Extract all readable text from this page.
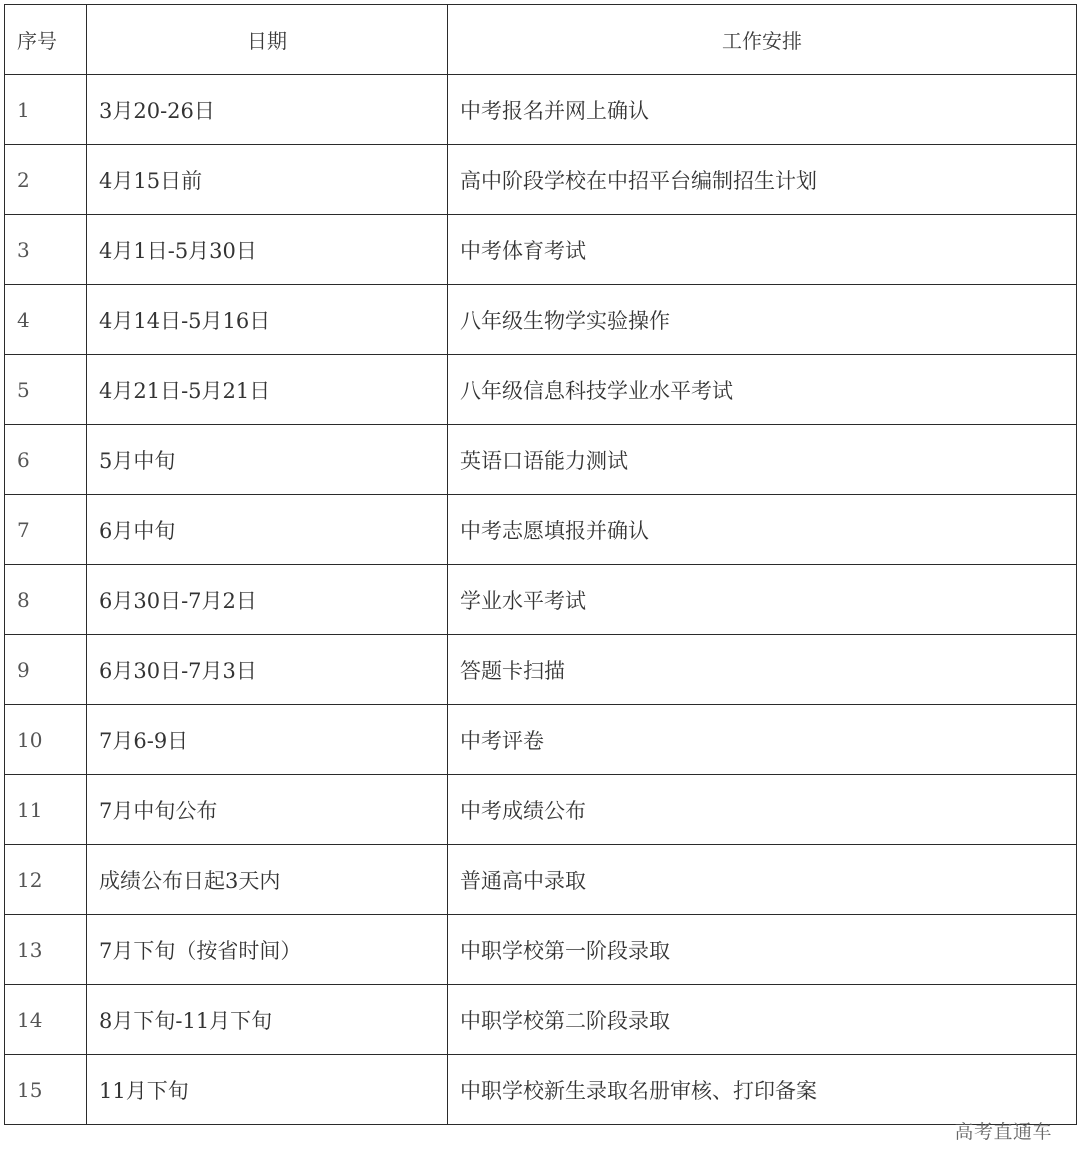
序号	日期	工作安排
1	3月20-26日	中考报名并网上确认
2	4月15日前	高中阶段学校在中招平台编制招生计划
3	4月1日-5月30日	中考体育考试
4	4月14日-5月16日	八年级生物学实验操作
5	4月21日-5月21日	八年级信息科技学业水平考试
6	5月中旬	英语口语能力测试
7	6月中旬	中考志愿填报并确认
8	6月30日-7月2日	学业水平考试
9	6月30日-7月3日	答题卡扫描
10	7月6-9日	中考评卷
11	7月中旬公布	中考成绩公布
12	成绩公布日起3天内	普通高中录取
13	7月下旬（按省时间）	中职学校第一阶段录取
14	8月下旬-11月下旬	中职学校第二阶段录取
15	11月下旬	中职学校新生录取名册审核、打印备案
高考直通车
